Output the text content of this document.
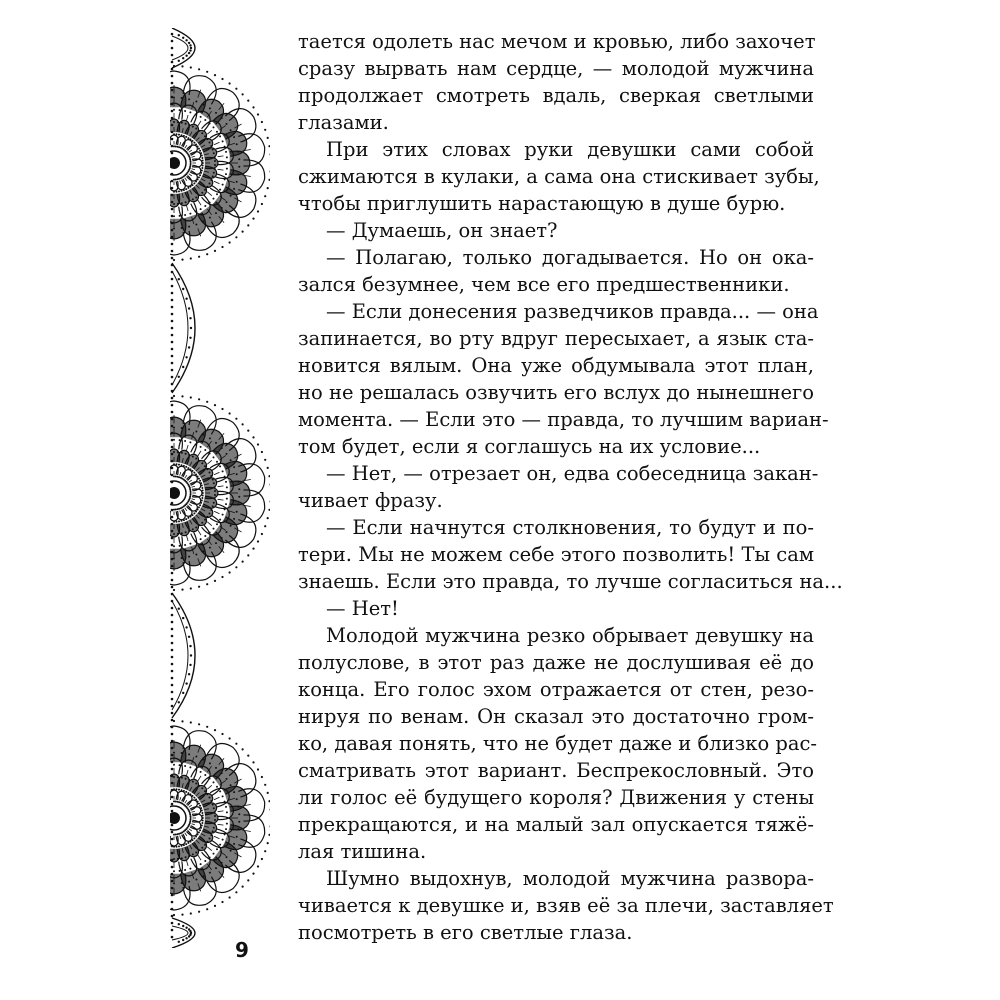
тается одолеть нас мечом и кровью, либо захочет
сразу вырвать нам сердце, — молодой мужчина
продолжает смотреть вдаль, сверкая светлыми
глазами.
При этих словах руки девушки сами собой
сжимаются в кулаки, а сама она стискивает зубы,
чтобы приглушить нарастающую в душе бурю.
— Думаешь, он знает?
— Полагаю, только догадывается. Но он ока-
зался безумнее, чем все его предшественники.
— Если донесения разведчиков правда... — она
запинается, во рту вдруг пересыхает, а язык ста-
новится вялым. Она уже обдумывала этот план,
но не решалась озвучить его вслух до нынешнего
момента. — Если это — правда, то лучшим вариан-
том будет, если я соглашусь на их условие...
— Нет, — отрезает он, едва собеседница закан-
чивает фразу.
— Если начнутся столкновения, то будут и по-
тери. Мы не можем себе этого позволить! Ты сам
знаешь. Если это правда, то лучше согласиться на...
— Нет!
Молодой мужчина резко обрывает девушку на
полуслове, в этот раз даже не дослушивая её до
конца. Его голос эхом отражается от стен, резо-
нируя по венам. Он сказал это достаточно гром-
ко, давая понять, что не будет даже и близко рас-
сматривать этот вариант. Беспрекословный. Это
ли голос её будущего короля? Движения у стены
прекращаются, и на малый зал опускается тяжё-
лая тишина.
Шумно выдохнув, молодой мужчина развора-
чивается к девушке и, взяв её за плечи, заставляет
посмотреть в его светлые глаза.
9
